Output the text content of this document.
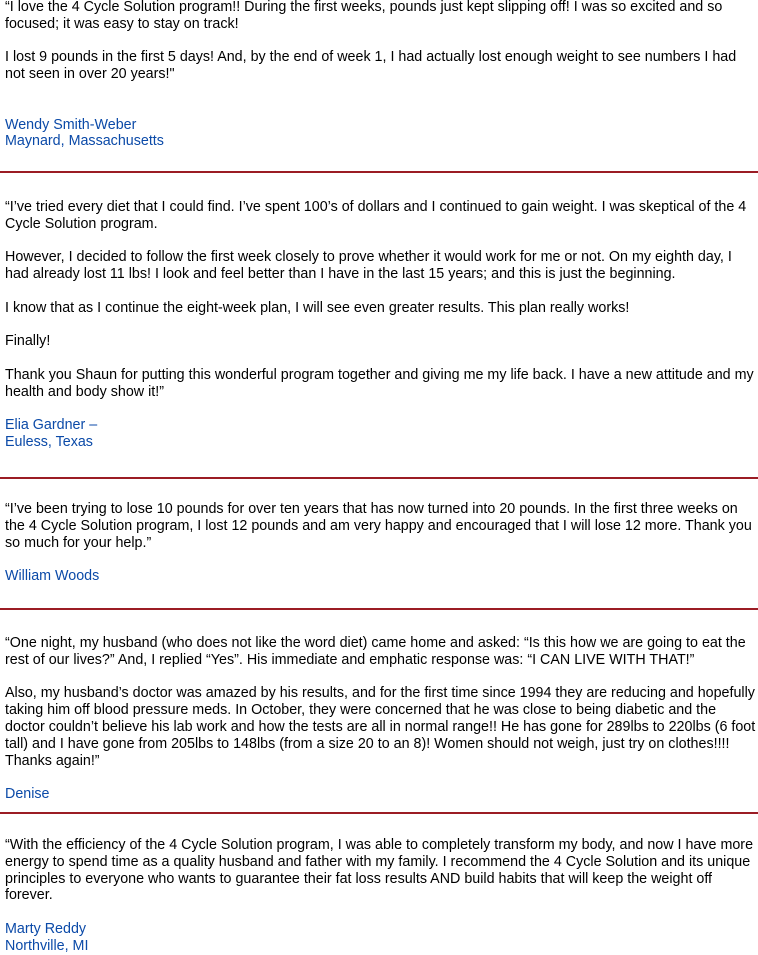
“I love the 4 Cycle Solution program!! During the first weeks, pounds just kept slipping off! I was so excited and so focused; it was easy to stay on track!

I lost 9 pounds in the first 5 days! And, by the end of week 1, I had actually lost enough weight to see numbers I had not seen in over 20 years!"

Wendy Smith-Weber
Maynard, Massachusetts

“I’ve tried every diet that I could find. I’ve spent 100’s of dollars and I continued to gain weight. I was skeptical of the 4 Cycle Solution program.

However, I decided to follow the first week closely to prove whether it would work for me or not. On my eighth day, I had already lost 11 lbs! I look and feel better than I have in the last 15 years; and this is just the beginning.

I know that as I continue the eight-week plan, I will see even greater results. This plan really works!

Finally!

Thank you Shaun for putting this wonderful program together and giving me my life back. I have a new attitude and my health and body show it!”

Elia Gardner –
Euless, Texas

“I’ve been trying to lose 10 pounds for over ten years that has now turned into 20 pounds. In the first three weeks on the 4 Cycle Solution program, I lost 12 pounds and am very happy and encouraged that I will lose 12 more. Thank you so much for your help.”

William Woods

“One night, my husband (who does not like the word diet) came home and asked: “Is this how we are going to eat the rest of our lives?” And, I replied “Yes”. His immediate and emphatic response was: “I CAN LIVE WITH THAT!”

Also, my husband’s doctor was amazed by his results, and for the first time since 1994 they are reducing and hopefully taking him off blood pressure meds. In October, they were concerned that he was close to being diabetic and the doctor couldn’t believe his lab work and how the tests are all in normal range!! He has gone for 289lbs to 220lbs (6 foot tall) and I have gone from 205lbs to 148lbs (from a size 20 to an 8)! Women should not weigh, just try on clothes!!!! Thanks again!”

Denise

“With the efficiency of the 4 Cycle Solution program, I was able to completely transform my body, and now I have more energy to spend time as a quality husband and father with my family. I recommend the 4 Cycle Solution and its unique principles to everyone who wants to guarantee their fat loss results AND build habits that will keep the weight off forever.

Marty Reddy
Northville, MI
